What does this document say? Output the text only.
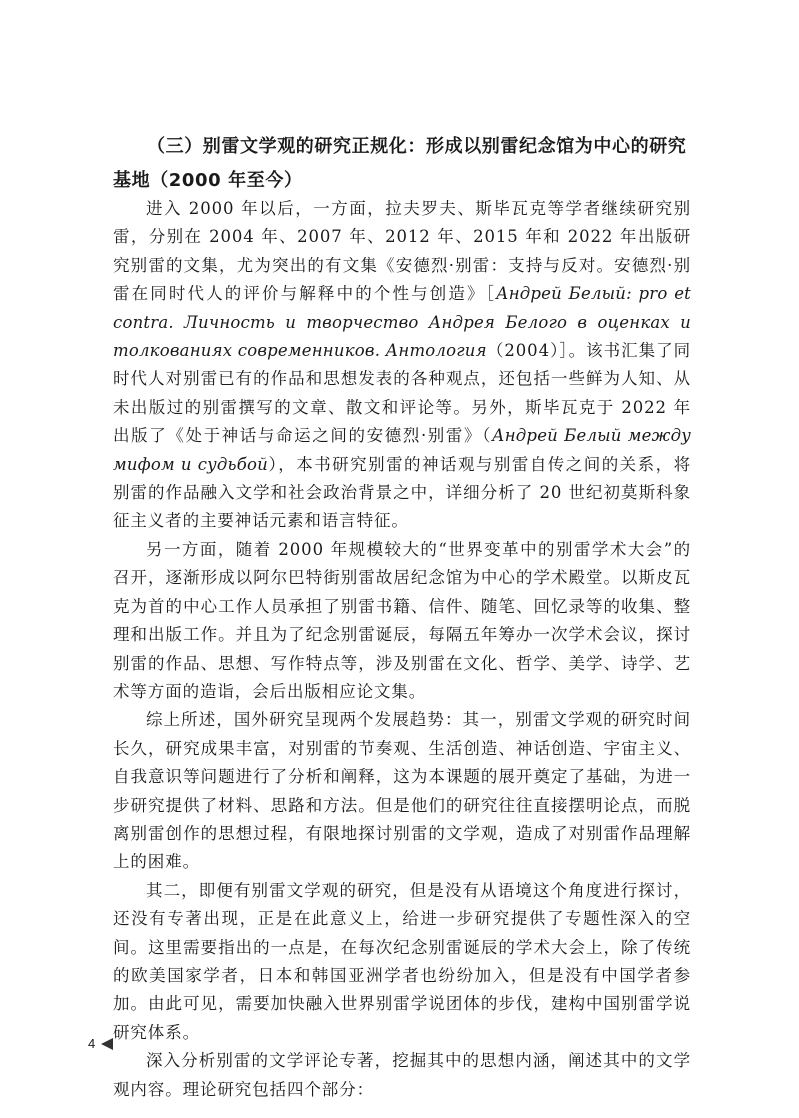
（三）别雷文学观的研究正规化：形成以别雷纪念馆为中心的研究基地（2000 年至今）

进入 2000 年以后，一方面，拉夫罗夫、斯毕瓦克等学者继续研究别雷，分别在 2004 年、2007 年、2012 年、2015 年和 2022 年出版研究别雷的文集，尤为突出的有文集《安德烈·别雷：支持与反对。安德烈·别雷在同时代人的评价与解释中的个性与创造》［Андрей Белый: pro et contra. Личность и творчество Андрея Белого в оценках и толкованиях современников. Антология（2004）］。该书汇集了同时代人对别雷已有的作品和思想发表的各种观点，还包括一些鲜为人知、从未出版过的别雷撰写的文章、散文和评论等。另外，斯毕瓦克于 2022 年出版了《处于神话与命运之间的安德烈·别雷》（Андрей Белый между мифом и судьбой），本书研究别雷的神话观与别雷自传之间的关系，将别雷的作品融入文学和社会政治背景之中，详细分析了 20 世纪初莫斯科象征主义者的主要神话元素和语言特征。

另一方面，随着 2000 年规模较大的“世界变革中的别雷学术大会”的召开，逐渐形成以阿尔巴特街别雷故居纪念馆为中心的学术殿堂。以斯皮瓦克为首的中心工作人员承担了别雷书籍、信件、随笔、回忆录等的收集、整理和出版工作。并且为了纪念别雷诞辰，每隔五年筹办一次学术会议，探讨别雷的作品、思想、写作特点等，涉及别雷在文化、哲学、美学、诗学、艺术等方面的造诣，会后出版相应论文集。

综上所述，国外研究呈现两个发展趋势：其一，别雷文学观的研究时间长久，研究成果丰富，对别雷的节奏观、生活创造、神话创造、宇宙主义、自我意识等问题进行了分析和阐释，这为本课题的展开奠定了基础，为进一步研究提供了材料、思路和方法。但是他们的研究往往直接摆明论点，而脱离别雷创作的思想过程，有限地探讨别雷的文学观，造成了对别雷作品理解上的困难。

其二，即便有别雷文学观的研究，但是没有从语境这个角度进行探讨，还没有专著出现，正是在此意义上，给进一步研究提供了专题性深入的空间。这里需要指出的一点是，在每次纪念别雷诞辰的学术大会上，除了传统的欧美国家学者，日本和韩国亚洲学者也纷纷加入，但是没有中国学者参加。由此可见，需要加快融入世界别雷学说团体的步伐，建构中国别雷学说研究体系。

深入分析别雷的文学评论专著，挖掘其中的思想内涵，阐述其中的文学观内容。理论研究包括四个部分：

4
